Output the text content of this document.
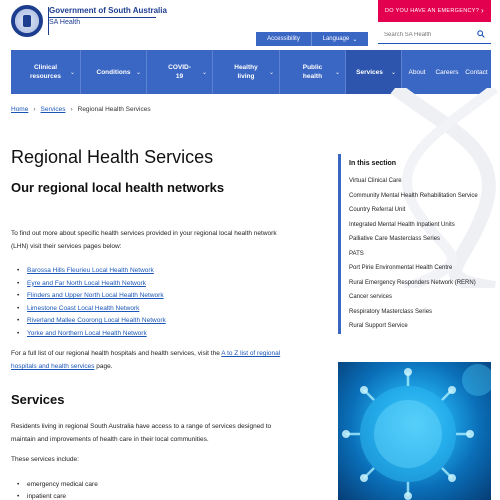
Government of South Australia
SA Health
DO YOU HAVE AN EMERGENCY? ›
Accessibility	Language ⌄
Search SA Health
Clinical resources	⌄	Conditions ⌄
COVID-19	⌄
Healthy living	⌄
Public health	⌄	Services	⌄ About Careers Contact
Home › Services › Regional Health Services
Regional Health Services
Our regional local health networks
To find out more about specific health services provided in your regional local health network (LHN) visit their services pages below:
• Barossa Hills Fleurieu Local Health Network
• Eyre and Far North Local Health Network
• Flinders and Upper North Local Health Network
• Limestone Coast Local Health Network
• Riverland Mallee Coorong Local Health Network
• Yorke and Northern Local Health Network
For a full list of our regional health hospitals and health services, visit the A to Z list of regional hospitals and health services page.
Services
Residents living in regional South Australia have access to a range of services designed to maintain and improvements of health care in their local communities.
These services include:
• emergency medical care
• inpatient care
In this section
Virtual Clinical Care
Community Mental Health Rehabilitation Service
Country Referral Unit
Integrated Mental Health Inpatient Units
Palliative Care Masterclass Series
PATS
Port Pirie Environmental Health Centre
Rural Emergency Responders Network (RERN)
Cancer services
Respiratory Masterclass Series
Rural Support Service
